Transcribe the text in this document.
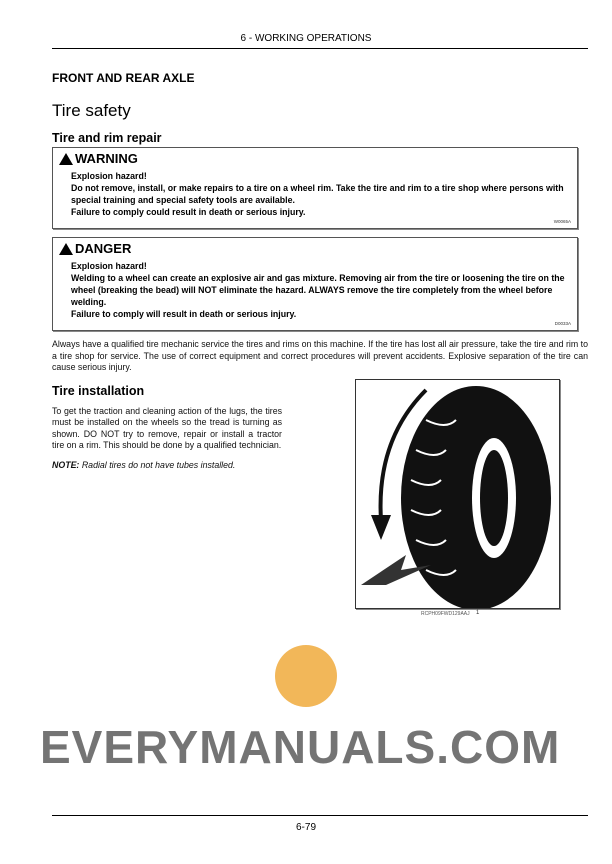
6 - WORKING OPERATIONS
FRONT AND REAR AXLE
Tire safety
Tire and rim repair
WARNING
Explosion hazard!
Do not remove, install, or make repairs to a tire on a wheel rim. Take the tire and rim to a tire shop where persons with special training and special safety tools are available.
Failure to comply could result in death or serious injury.
W0065A
DANGER
Explosion hazard!
Welding to a wheel can create an explosive air and gas mixture. Removing air from the tire or loosening the tire on the wheel (breaking the bead) will NOT eliminate the hazard. ALWAYS remove the tire completely from the wheel before welding.
Failure to comply will result in death or serious injury.
D0033A
Always have a qualified tire mechanic service the tires and rims on this machine. If the tire has lost all air pressure, take the tire and rim to a tire shop for service. The use of correct equipment and correct procedures will prevent accidents. Explosive separation of the tire can cause serious injury.
Tire installation
To get the traction and cleaning action of the lugs, the tires must be installed on the wheels so the tread is turning as shown. DO NOT try to remove, repair or install a tractor tire on a rim. This should be done by a qualified technician.
NOTE: Radial tires do not have tubes installed.
RCPH09FWD129AAJ 1
EVERYMANUALS.COM
6-79
